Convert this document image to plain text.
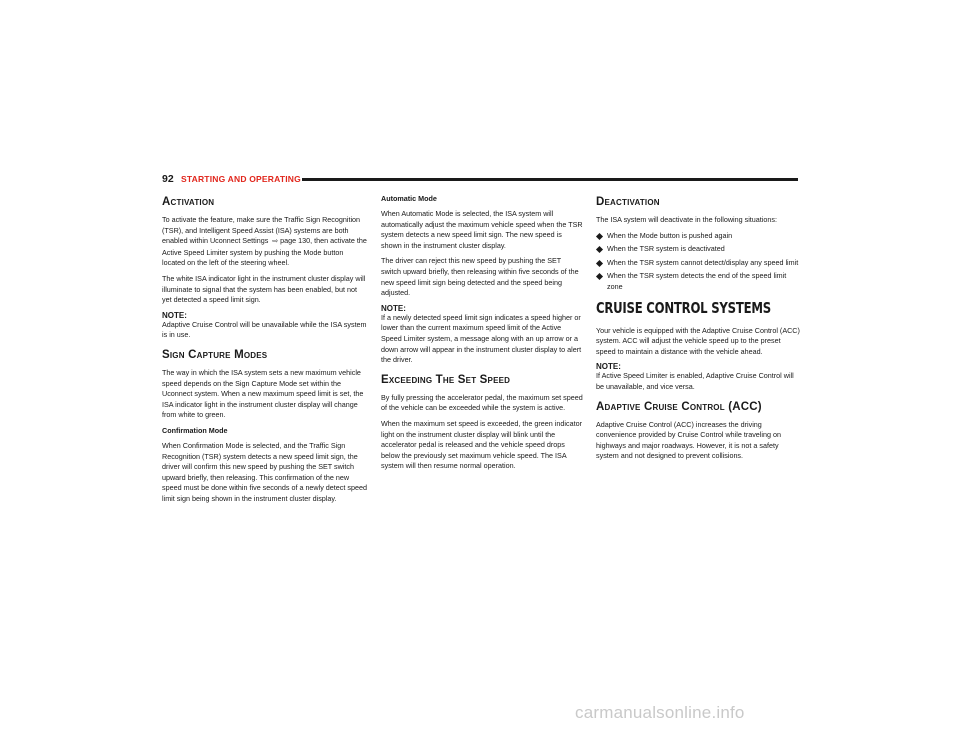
92 STARTING AND OPERATING
Activation

To activate the feature, make sure the Traffic Sign Recognition (TSR), and Intelligent Speed Assist (ISA) systems are both enabled within Uconnect Settings ⇨ page 130, then activate the Active Speed Limiter system by pushing the Mode button located on the left of the steering wheel.

The white ISA indicator light in the instrument cluster display will illuminate to signal that the system has been enabled, but not yet detected a speed limit sign.

NOTE:

Adaptive Cruise Control will be unavailable while the ISA system is in use.

Sign Capture Modes

The way in which the ISA system sets a new maximum vehicle speed depends on the Sign Capture Mode set within the Uconnect system. When a new maximum speed limit is set, the ISA indicator light in the instrument cluster display will change from white to green.

Confirmation Mode

When Confirmation Mode is selected, and the Traffic Sign Recognition (TSR) system detects a new speed limit sign, the driver will confirm this new speed by pushing the SET switch upward briefly, then releasing. This confirmation of the new speed must be done within five seconds of a newly detect speed limit sign being shown in the instrument cluster display.

Automatic Mode

When Automatic Mode is selected, the ISA system will automatically adjust the maximum vehicle speed when the TSR system detects a new speed limit sign. The new speed is shown in the instrument cluster display.

The driver can reject this new speed by pushing the SET switch upward briefly, then releasing within five seconds of the new speed limit sign being detected and the speed being adjusted.

NOTE:

If a newly detected speed limit sign indicates a speed higher or lower than the current maximum speed limit of the Active Speed Limiter system, a message along with an up arrow or a down arrow will appear in the instrument cluster display to alert the driver.

Exceeding The Set Speed

By fully pressing the accelerator pedal, the maximum set speed of the vehicle can be exceeded while the system is active.

When the maximum set speed is exceeded, the green indicator light on the instrument cluster display will blink until the accelerator pedal is released and the vehicle speed drops below the previously set maximum vehicle speed. The ISA system will then resume normal operation.

Deactivation

The ISA system will deactivate in the following situations:

When the Mode button is pushed again
When the TSR system is deactivated
When the TSR system cannot detect/display any speed limit
When the TSR system detects the end of the speed limit zone
CRUISE CONTROL SYSTEMS

Your vehicle is equipped with the Adaptive Cruise Control (ACC) system. ACC will adjust the vehicle speed up to the preset speed to maintain a distance with the vehicle ahead.

NOTE:

If Active Speed Limiter is enabled, Adaptive Cruise Control will be unavailable, and vice versa.

Adaptive Cruise Control (ACC)

Adaptive Cruise Control (ACC) increases the driving convenience provided by Cruise Control while traveling on highways and major roadways. However, it is not a safety system and not designed to prevent collisions.

carmanualsonline.info
